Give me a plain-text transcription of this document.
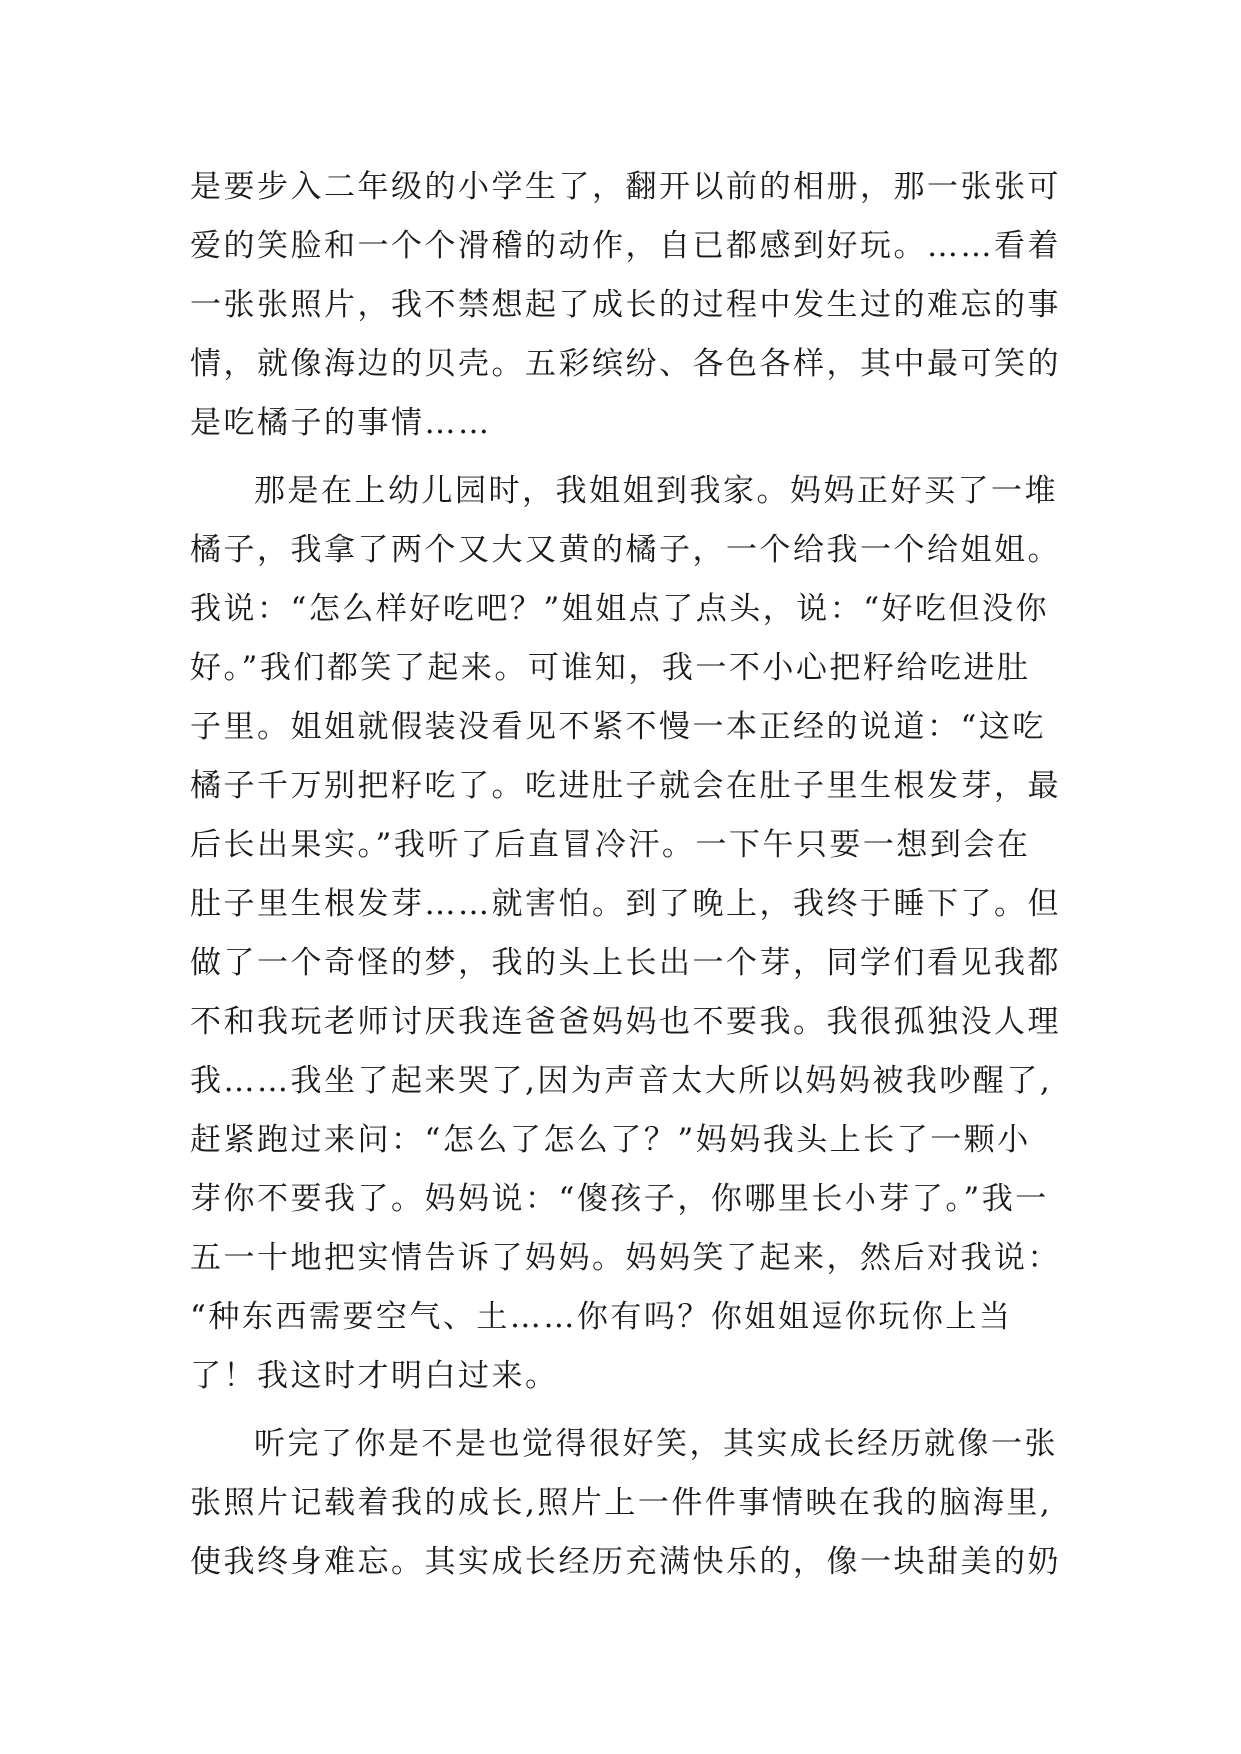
是要步入二年级的小学生了，翻开以前的相册，那一张张可
爱的笑脸和一个个滑稽的动作，自已都感到好玩。……看着
一张张照片，我不禁想起了成长的过程中发生过的难忘的事
情，就像海边的贝壳。五彩缤纷、各色各样，其中最可笑的
是吃橘子的事情……
那是在上幼儿园时，我姐姐到我家。妈妈正好买了一堆
橘子，我拿了两个又大又黄的橘子，一个给我一个给姐姐。
我说：“怎么样好吃吧？”姐姐点了点头，说：“好吃但没你
好。”我们都笑了起来。可谁知，我一不小心把籽给吃进肚
子里。姐姐就假装没看见不紧不慢一本正经的说道：“这吃
橘子千万别把籽吃了。吃进肚子就会在肚子里生根发芽，最
后长出果实。”我听了后直冒冷汗。一下午只要一想到会在
肚子里生根发芽……就害怕。到了晚上，我终于睡下了。但
做了一个奇怪的梦，我的头上长出一个芽，同学们看见我都
不和我玩老师讨厌我连爸爸妈妈也不要我。我很孤独没人理
我……我坐了起来哭了,因为声音太大所以妈妈被我吵醒了,
赶紧跑过来问：“怎么了怎么了？”妈妈我头上长了一颗小
芽你不要我了。妈妈说：“傻孩子，你哪里长小芽了。”我一
五一十地把实情告诉了妈妈。妈妈笑了起来，然后对我说：
“种东西需要空气、土……你有吗？你姐姐逗你玩你上当
了！我这时才明白过来。
听完了你是不是也觉得很好笑，其实成长经历就像一张
张照片记载着我的成长,照片上一件件事情映在我的脑海里,
使我终身难忘。其实成长经历充满快乐的，像一块甜美的奶
